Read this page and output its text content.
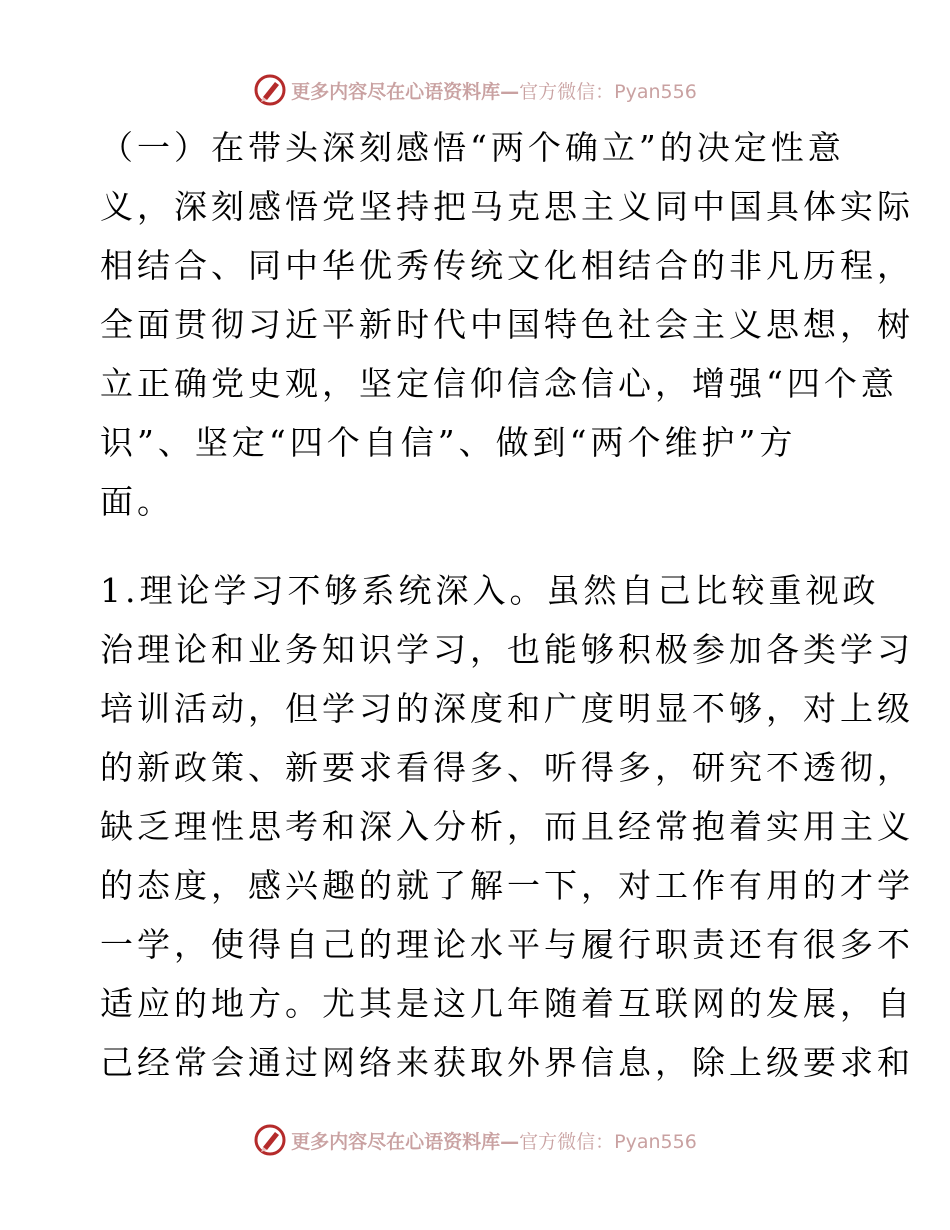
更多内容尽在心语资料库—官方微信：Pyan556

（一）在带头深刻感悟“两个确立”的决定性意
义，深刻感悟党坚持把马克思主义同中国具体实际
相结合、同中华优秀传统文化相结合的非凡历程，
全面贯彻习近平新时代中国特色社会主义思想，树
立正确党史观，坚定信仰信念信心，增强“四个意
识”、坚定“四个自信”、做到“两个维护”方
面。

1.理论学习不够系统深入。虽然自己比较重视政
治理论和业务知识学习，也能够积极参加各类学习
培训活动，但学习的深度和广度明显不够，对上级
的新政策、新要求看得多、听得多，研究不透彻，
缺乏理性思考和深入分析，而且经常抱着实用主义
的态度，感兴趣的就了解一下，对工作有用的才学
一学，使得自己的理论水平与履行职责还有很多不
适应的地方。尤其是这几年随着互联网的发展，自
己经常会通过网络来获取外界信息，除上级要求和

更多内容尽在心语资料库—官方微信：Pyan556
